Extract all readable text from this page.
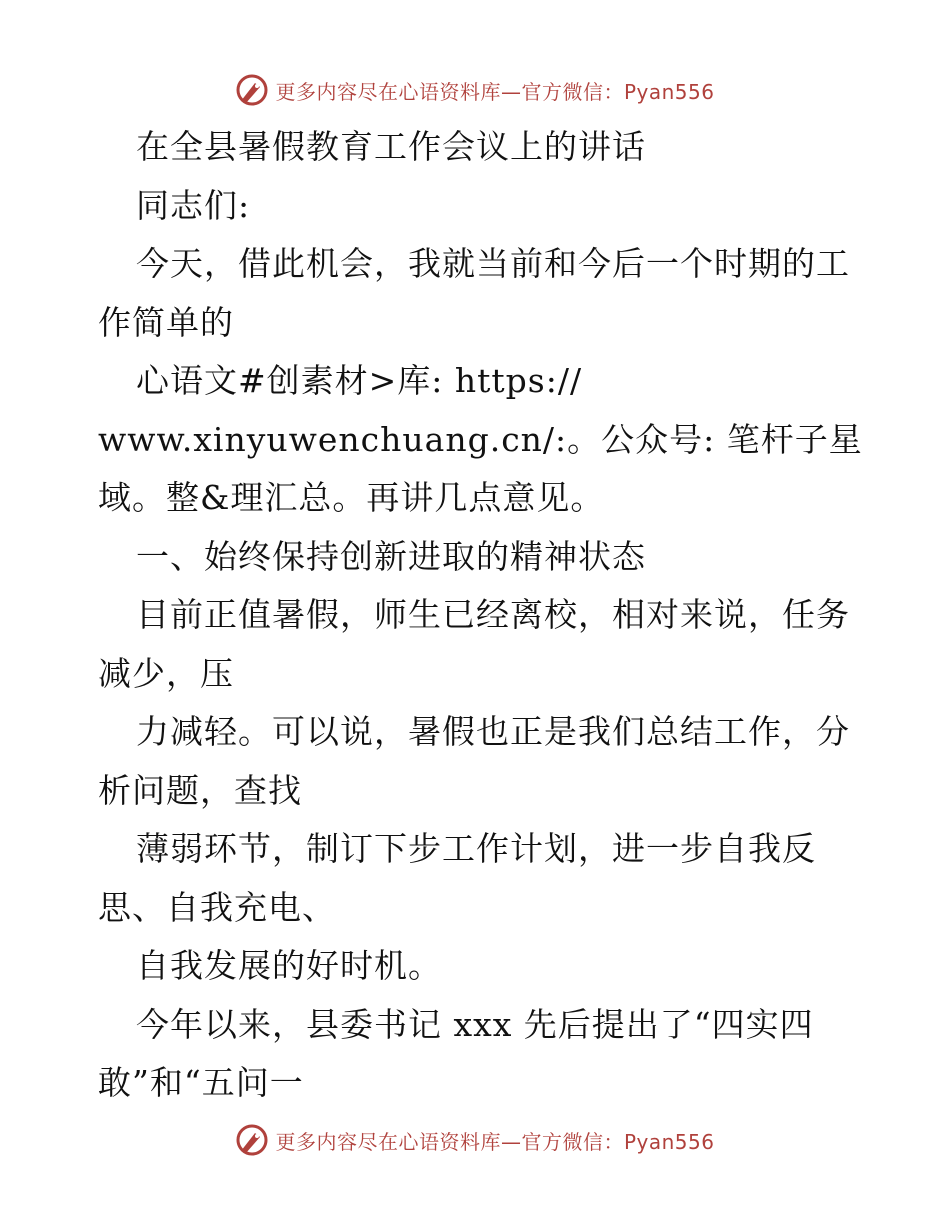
更多内容尽在心语资料库—官方微信：Pyan556
在全县暑假教育工作会议上的讲话
同志们:
今天，借此机会，我就当前和今后一个时期的工
作简单的
心语文#创素材>库: https://
www.xinyuwenchuang.cn/:。公众号: 笔杆子星
域。整&理汇总。再讲几点意见。
一、始终保持创新进取的精神状态
目前正值暑假，师生已经离校，相对来说，任务
减少，压
力减轻。可以说，暑假也正是我们总结工作，分
析问题，查找
薄弱环节，制订下步工作计划，进一步自我反
思、自我充电、
自我发展的好时机。
今年以来，县委书记 xxx 先后提出了“四实四
敢”和“五问一
更多内容尽在心语资料库—官方微信：Pyan556
